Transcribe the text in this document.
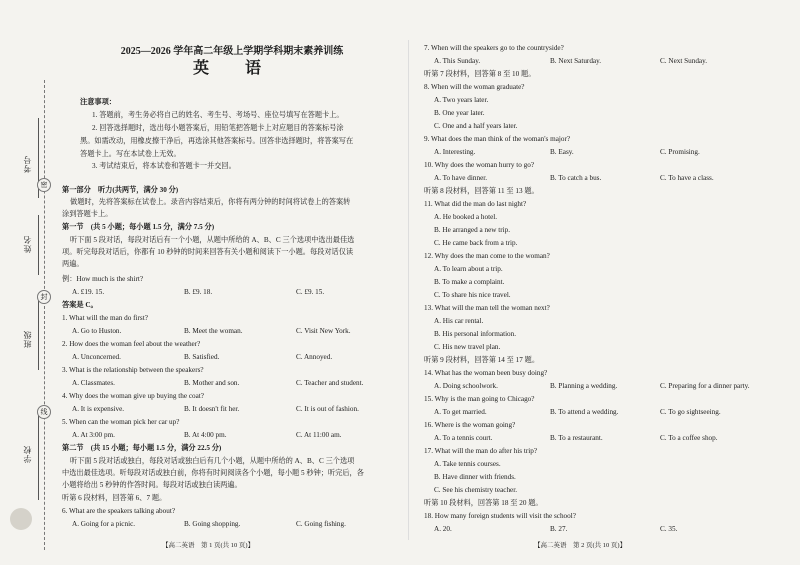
考号
姓名
班级
学校
密
封
线
2025—2026 学年高二年级上学期学科期末素养训练
英　语
注意事项：
1. 答题前，考生务必将自己的姓名、考生号、考场号、座位号填写在答题卡上。
2. 回答选择题时，选出每小题答案后，用铅笔把答题卡上对应题目的答案标号涂
黑。如需改动，用橡皮擦干净后，再选涂其他答案标号。回答非选择题时，将答案写在
答题卡上。写在本试卷上无效。
3. 考试结束后，将本试卷和答题卡一并交回。
第一部分　听力(共两节，满分 30 分)
做题时，先将答案标在试卷上。录音内容结束后，你将有两分钟的时间将试卷上的答案转
涂到答题卡上。
第一节　(共 5 小题；每小题 1.5 分，满分 7.5 分)
听下面 5 段对话，每段对话后有一个小题，从题中所给的 A、B、C 三个选项中选出最佳选
项。听完每段对话后，你都有 10 秒钟的时间来回答有关小题和阅读下一小题。每段对话仅读
两遍。
例：How much is the shirt?
A. £19. 15.	B. £9. 18.	C. £9. 15.
答案是 C。
1. What will the man do first?
A. Go to Huston.	B. Meet the woman.	C. Visit New York.
2. How does the woman feel about the weather?
A. Unconcerned.	B. Satisfied.	C. Annoyed.
3. What is the relationship between the speakers?
A. Classmates.	B. Mother and son.	C. Teacher and student.
4. Why does the woman give up buying the coat?
A. It is expensive.	B. It doesn't fit her.	C. It is out of fashion.
5. When can the woman pick her car up?
A. At 3:00 pm.	B. At 4:00 pm.	C. At 11:00 am.
第二节　(共 15 小题；每小题 1.5 分，满分 22.5 分)
听下面 5 段对话或独白，每段对话或独白后有几个小题，从题中所给的 A、B、C 三个选项
中选出最佳选项。听每段对话或独白前，你将有时间阅读各个小题，每小题 5 秒钟；听完后，各
小题将给出 5 秒钟的作答时间。每段对话或独白读两遍。
听第 6 段材料，回答第 6、7 题。
6. What are the speakers talking about?
A. Going for a picnic.	B. Going shopping.	C. Going fishing.
【高二英语　第 1 页(共 10 页)】
7. When will the speakers go to the countryside?
A. This Sunday.	B. Next Saturday.	C. Next Sunday.
听第 7 段材料，回答第 8 至 10 题。
8. When will the woman graduate?
A. Two years later.
B. One year later.
C. One and a half years later.
9. What does the man think of the woman's major?
A. Interesting.	B. Easy.	C. Promising.
10. Why does the woman hurry to go?
A. To have dinner.	B. To catch a bus.	C. To have a class.
听第 8 段材料，回答第 11 至 13 题。
11. What did the man do last night?
A. He booked a hotel.
B. He arranged a new trip.
C. He came back from a trip.
12. Why does the man come to the woman?
A. To learn about a trip.
B. To make a complaint.
C. To share his nice travel.
13. What will the man tell the woman next?
A. His car rental.
B. His personal information.
C. His new travel plan.
听第 9 段材料，回答第 14 至 17 题。
14. What has the woman been busy doing?
A. Doing schoolwork.	B. Planning a wedding.	C. Preparing for a dinner party.
15. Why is the man going to Chicago?
A. To get married.	B. To attend a wedding.	C. To go sightseeing.
16. Where is the woman going?
A. To a tennis court.	B. To a restaurant.	C. To a coffee shop.
17. What will the man do after his trip?
A. Take tennis courses.
B. Have dinner with friends.
C. See his chemistry teacher.
听第 10 段材料，回答第 18 至 20 题。
18. How many foreign students will visit the school?
A. 20.	B. 27.	C. 35.
【高二英语　第 2 页(共 10 页)】
